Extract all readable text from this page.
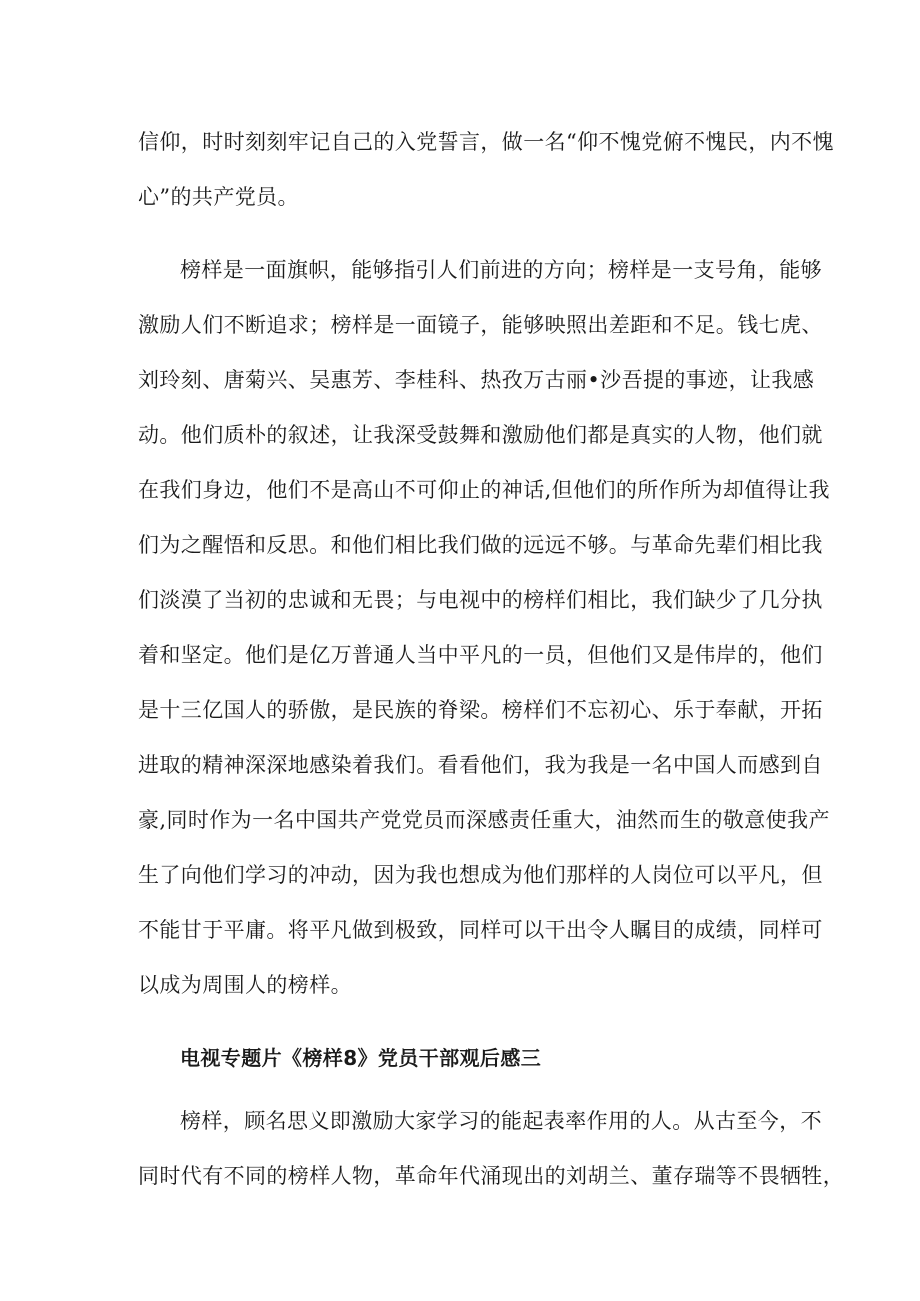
信仰，时时刻刻牢记自己的入党誓言，做一名“仰不愧党俯不愧民，内不愧
心”的共产党员。
榜样是一面旗帜，能够指引人们前进的方向；榜样是一支号角，能够
激励人们不断追求；榜样是一面镜子，能够映照出差距和不足。钱七虎、
刘玲刻、唐菊兴、吴惠芳、李桂科、热孜万古丽•沙吾提的事迹，让我感
动。他们质朴的叙述，让我深受鼓舞和激励他们都是真实的人物，他们就
在我们身边，他们不是高山不可仰止的神话,但他们的所作所为却值得让我
们为之醒悟和反思。和他们相比我们做的远远不够。与革命先辈们相比我
们淡漠了当初的忠诚和无畏；与电视中的榜样们相比，我们缺少了几分执
着和坚定。他们是亿万普通人当中平凡的一员，但他们又是伟岸的，他们
是十三亿国人的骄傲，是民族的脊梁。榜样们不忘初心、乐于奉献，开拓
进取的精神深深地感染着我们。看看他们，我为我是一名中国人而感到自
豪,同时作为一名中国共产党党员而深感责任重大，油然而生的敬意使我产
生了向他们学习的冲动，因为我也想成为他们那样的人岗位可以平凡，但
不能甘于平庸。将平凡做到极致，同样可以干出令人瞩目的成绩，同样可
以成为周围人的榜样。
电视专题片《榜样8》党员干部观后感三
榜样，顾名思义即激励大家学习的能起表率作用的人。从古至今，不
同时代有不同的榜样人物，革命年代涌现出的刘胡兰、董存瑞等不畏牺牲，
